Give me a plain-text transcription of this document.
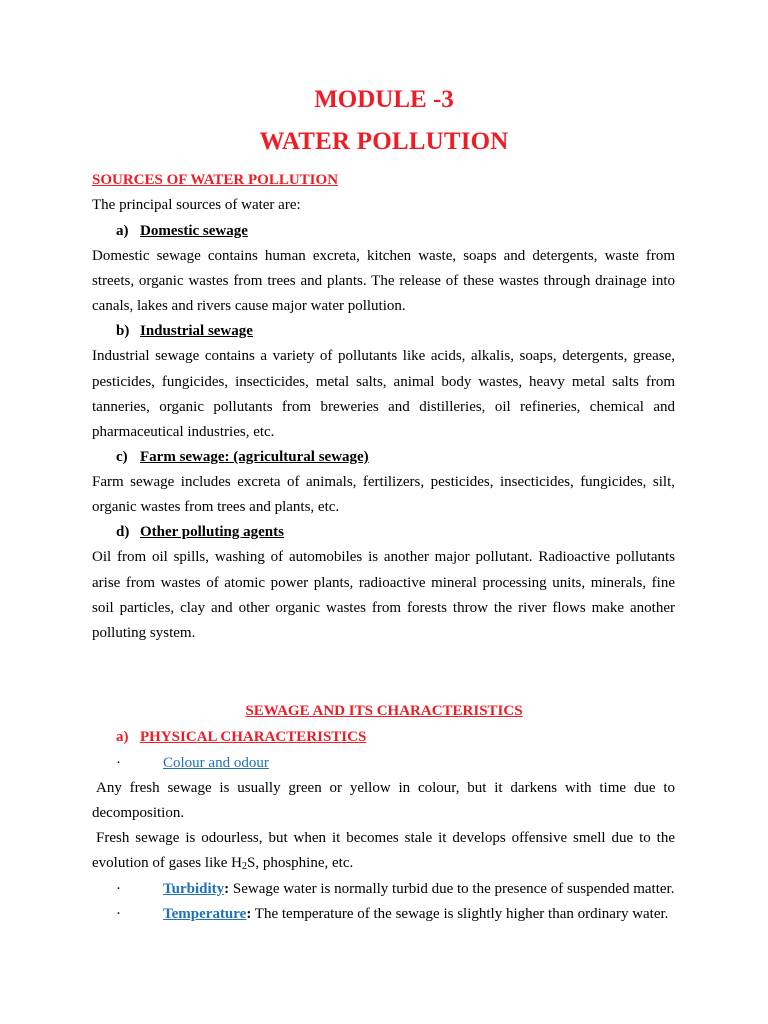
MODULE -3
WATER POLLUTION
SOURCES OF WATER POLLUTION
The principal sources of water are:
a) Domestic sewage
Domestic sewage contains human excreta, kitchen waste, soaps and detergents, waste from
streets, organic wastes from trees and plants. The release of these wastes through drainage into
canals, lakes and rivers cause major water pollution.
b) Industrial sewage
Industrial sewage contains a variety of pollutants like acids, alkalis, soaps, detergents, grease,
pesticides, fungicides, insecticides, metal salts, animal body wastes, heavy metal salts from
tanneries, organic pollutants from breweries and distilleries, oil refineries, chemical and
pharmaceutical industries, etc.
c) Farm sewage: (agricultural sewage)
Farm sewage includes excreta of animals, fertilizers, pesticides, insecticides, fungicides, silt,
organic wastes from trees and plants, etc.
d) Other polluting agents
Oil from oil spills, washing of automobiles is another major pollutant. Radioactive pollutants
arise from wastes of atomic power plants, radioactive mineral processing units, minerals, fine
soil particles, clay and other organic wastes from forests throw the river flows make another
polluting system.
SEWAGE AND ITS CHARACTERISTICS
a) PHYSICAL CHARACTERISTICS
·	Colour and odour
Any fresh sewage is usually green or yellow in colour, but it darkens with time due to
decomposition.
Fresh sewage is odourless, but when it becomes stale it develops offensive smell due to the
evolution of gases like $H_2S$, phosphine, etc.
·	Turbidity: Sewage water is normally turbid due to the presence of suspended matter.
·	Temperature: The temperature of the sewage is slightly higher than ordinary water.
